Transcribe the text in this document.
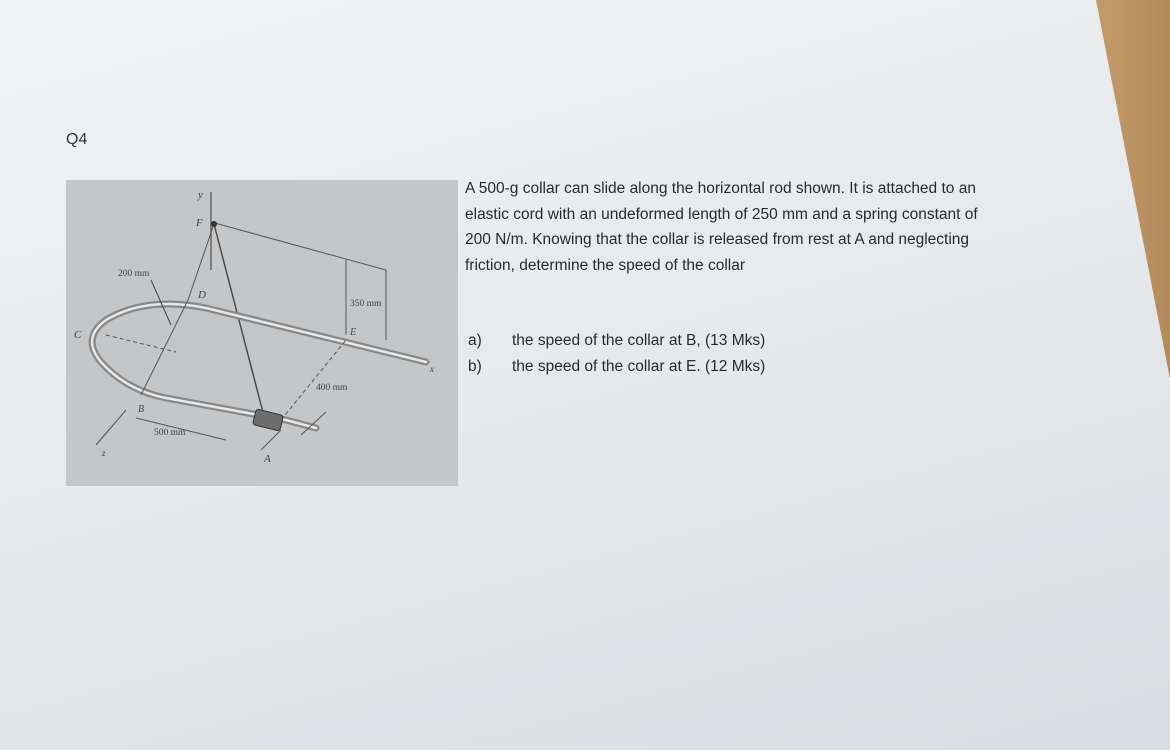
Q4
y
F
D
C
B
A
E
x
z
200 mm
350 mm
400 mm
500 mm

A 500-g collar can slide along the horizontal rod shown. It is attached to an elastic cord with an undeformed length of 250 mm and a spring constant of 200 N/m. Knowing that the collar is released from rest at A and neglecting friction, determine the speed of the collar

a)	the speed of the collar at B, (13 Mks)
b)	the speed of the collar at E. (12 Mks)
